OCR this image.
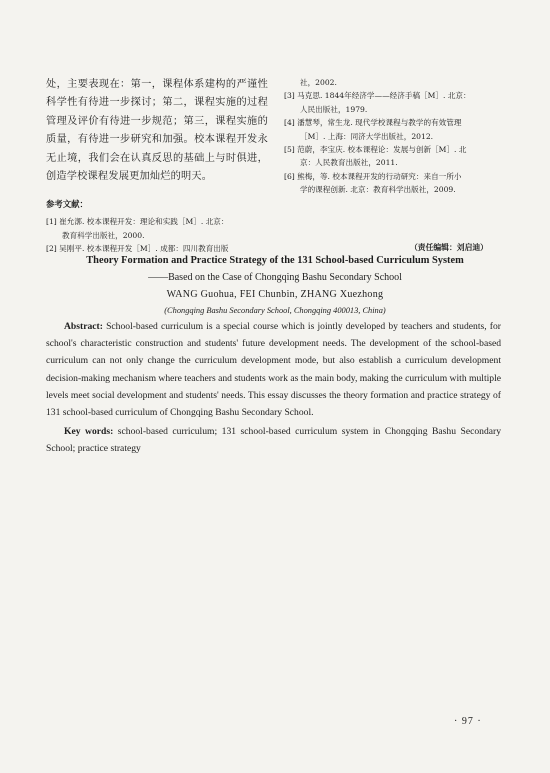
处，主要表现在：第一，课程体系建构的严谨性科学性有待进一步探讨；第二，课程实施的过程管理及评价有待进一步规范；第三，课程实施的质量，有待进一步研究和加强。校本课程开发永无止境，我们会在认真反思的基础上与时俱进，创造学校课程发展更加灿烂的明天。

参考文献：

[1] 崔允漷. 校本课程开发：理论和实践［M］. 北京：

教育科学出版社，2000.

[2] 吴刚平. 校本课程开发［M］. 成都：四川教育出版

社，2002.

[3] 马克思. 1844年经济学——经济手稿［M］. 北京：

人民出版社，1979.

[4] 潘慧琴，常生龙. 现代学校课程与教学的有效管理

［M］. 上海：同济大学出版社，2012.

[5] 范蔚，李宝庆. 校本课程论：发展与创新［M］. 北

京：人民教育出版社，2011.

[6] 熊梅，等. 校本课程开发的行动研究：来自一所小

学的课程创新. 北京：教育科学出版社，2009.

（责任编辑：刘启迪）
Theory Formation and Practice Strategy of the 131 School-based Curriculum System
——Based on the Case of Chongqing Bashu Secondary School
WANG Guohua, FEI Chunbin, ZHANG Xuezhong
(Chongqing Bashu Secondary School, Chongqing 400013, China)

Abstract: School-based curriculum is a special course which is jointly developed by teachers and students, for school's characteristic construction and students' future development needs. The development of the school-based curriculum can not only change the curriculum development mode, but also establish a curriculum development decision-making mechanism where teachers and students work as the main body, making the curriculum with multiple levels meet social development and students' needs. This essay discusses the theory formation and practice strategy of 131 school-based curriculum of Chongqing Bashu Secondary School.

Key words: school-based curriculum; 131 school-based curriculum system in Chongqing Bashu Secondary School; practice strategy

· 97 ·
